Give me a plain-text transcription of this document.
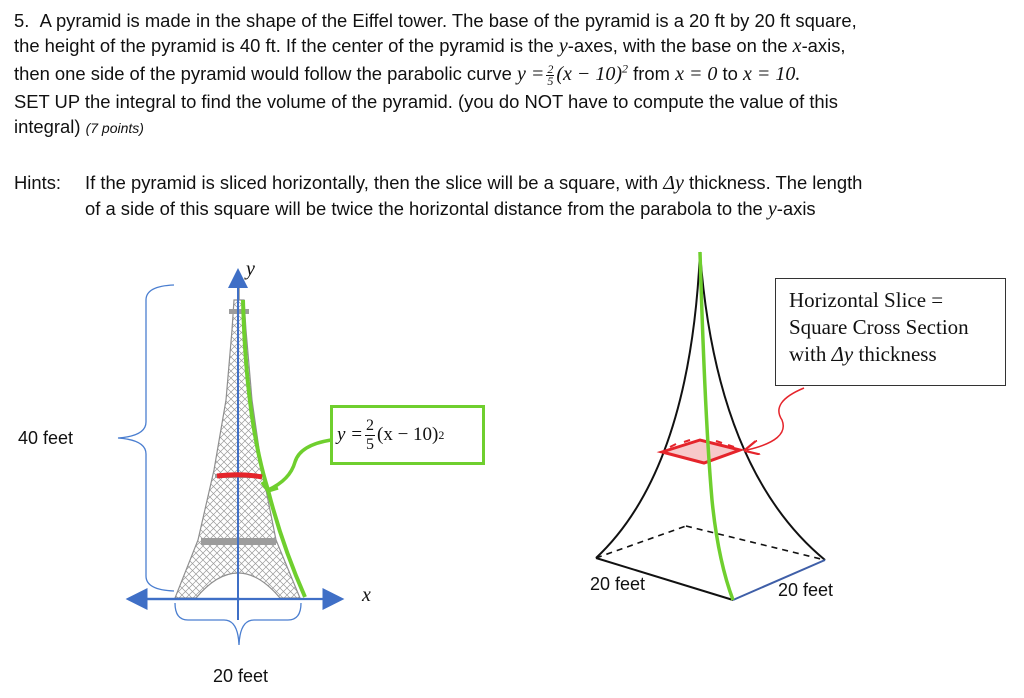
5. A pyramid is made in the shape of the Eiffel tower. The base of the pyramid is a 20 ft by 20 ft square,

the height of the pyramid is 40 ft. If the center of the pyramid is the y-axes, with the base on the x-axis,

then one side of the pyramid would follow the parabolic curve $y = \frac{2}{5} (x - 10)^2$ from x = 0 to x = 10.

SET UP the integral to find the volume of the pyramid. (you do NOT have to compute the value of this

integral) (7 points)

Hints: If the pyramid is sliced horizontally, then the slice will be a square, with Δy thickness. The length
of a side of this square will be twice the horizontal distance from the parabola to the y-axis
y
x
40 feet
20 feet
$y = \frac{2}{5} (x - 10)$ 2
Horizontal Slice =
Square Cross Section
with Δy thickness
20 feet	20 feet
